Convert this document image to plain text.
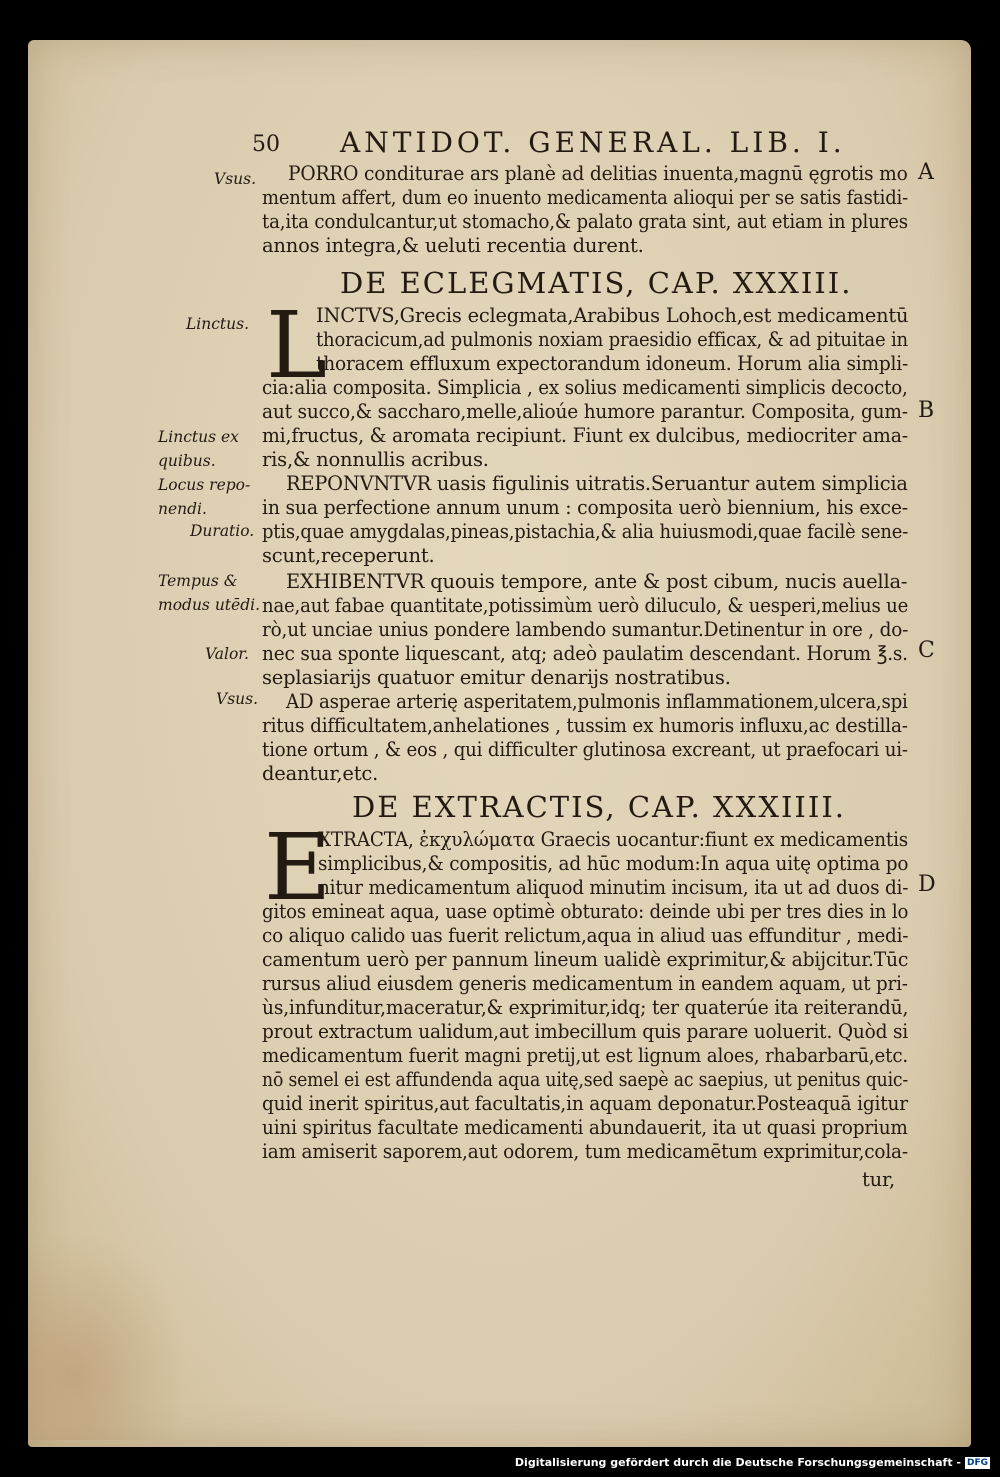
50 ANTIDOT. GENERAL. LIB. I.
A
B
C
D
Vsus.
Linctus.
Linctus ex
quibus.
Locus repo-
nendi.
Duratio.
Tempus &
modus utēdi.
Valor.
Vsus.
PORRO conditurae ars planè ad delitias inuenta,magnū ęgrotis mo
mentum affert, dum eo inuento medicamenta alioqui per se satis fastidi-
ta,ita condulcantur,ut stomacho,& palato grata sint, aut etiam in plures
annos integra,& ueluti recentia durent.
DE ECLEGMATIS, CAP. XXXIII.
L
INCTVS,Grecis eclegmata,Arabibus Lohoch,est medicamentū
thoracicum,ad pulmonis noxiam praesidio efficax, & ad pituitae in
thoracem effluxum expectorandum idoneum. Horum alia simpli-
cia:alia composita. Simplicia , ex solius medicamenti simplicis decocto,
aut succo,& saccharo,melle,alioúe humore parantur. Composita, gum-
mi,fructus, & aromata recipiunt. Fiunt ex dulcibus, mediocriter ama-
ris,& nonnullis acribus.
REPONVNTVR uasis figulinis uitratis.Seruantur autem simplicia
in sua perfectione annum unum : composita uerò biennium, his exce-
ptis,quae amygdalas,pineas,pistachia,& alia huiusmodi,quae facilè sene-
scunt,receperunt.
EXHIBENTVR quouis tempore, ante & post cibum, nucis auella-
nae,aut fabae quantitate,potissimùm uerò diluculo, & uesperi,melius ue
rò,ut unciae unius pondere lambendo sumantur.Detinentur in ore , do-
nec sua sponte liquescant, atq; adeò paulatim descendant. Horum ℥.s.
seplasiarijs quatuor emitur denarijs nostratibus.
AD asperae arterię asperitatem,pulmonis inflammationem,ulcera,spi
ritus difficultatem,anhelationes , tussim ex humoris influxu,ac destilla-
tione ortum , & eos , qui difficulter glutinosa excreant, ut praefocari ui-
deantur,etc.
DE EXTRACTIS, CAP. XXXIIII.
E
XTRACTA, ἐκχυλώματα Graecis uocantur:fiunt ex medicamentis
simplicibus,& compositis, ad hūc modum:In aqua uitę optima po
nitur medicamentum aliquod minutim incisum, ita ut ad duos di-
gitos emineat aqua, uase optimè obturato: deinde ubi per tres dies in lo
co aliquo calido uas fuerit relictum,aqua in aliud uas effunditur , medi-
camentum uerò per pannum lineum ualidè exprimitur,& abijcitur.Tūc
rursus aliud eiusdem generis medicamentum in eandem aquam, ut pri-
ùs,infunditur,maceratur,& exprimitur,idq; ter quaterúe ita reiterandū,
prout extractum ualidum,aut imbecillum quis parare uoluerit. Quòd si
medicamentum fuerit magni pretij,ut est lignum aloes, rhabarbarū,etc.
nō semel ei est affundenda aqua uitę,sed saepè ac saepius, ut penitus quic-
quid inerit spiritus,aut facultatis,in aquam deponatur.Posteaquā igitur
uini spiritus facultate medicamenti abundauerit, ita ut quasi proprium
iam amiserit saporem,aut odorem, tum medicamētum exprimitur,cola-
tur,
Digitalisierung gefördert durch die Deutsche Forschungsgemeinschaft - DFG
